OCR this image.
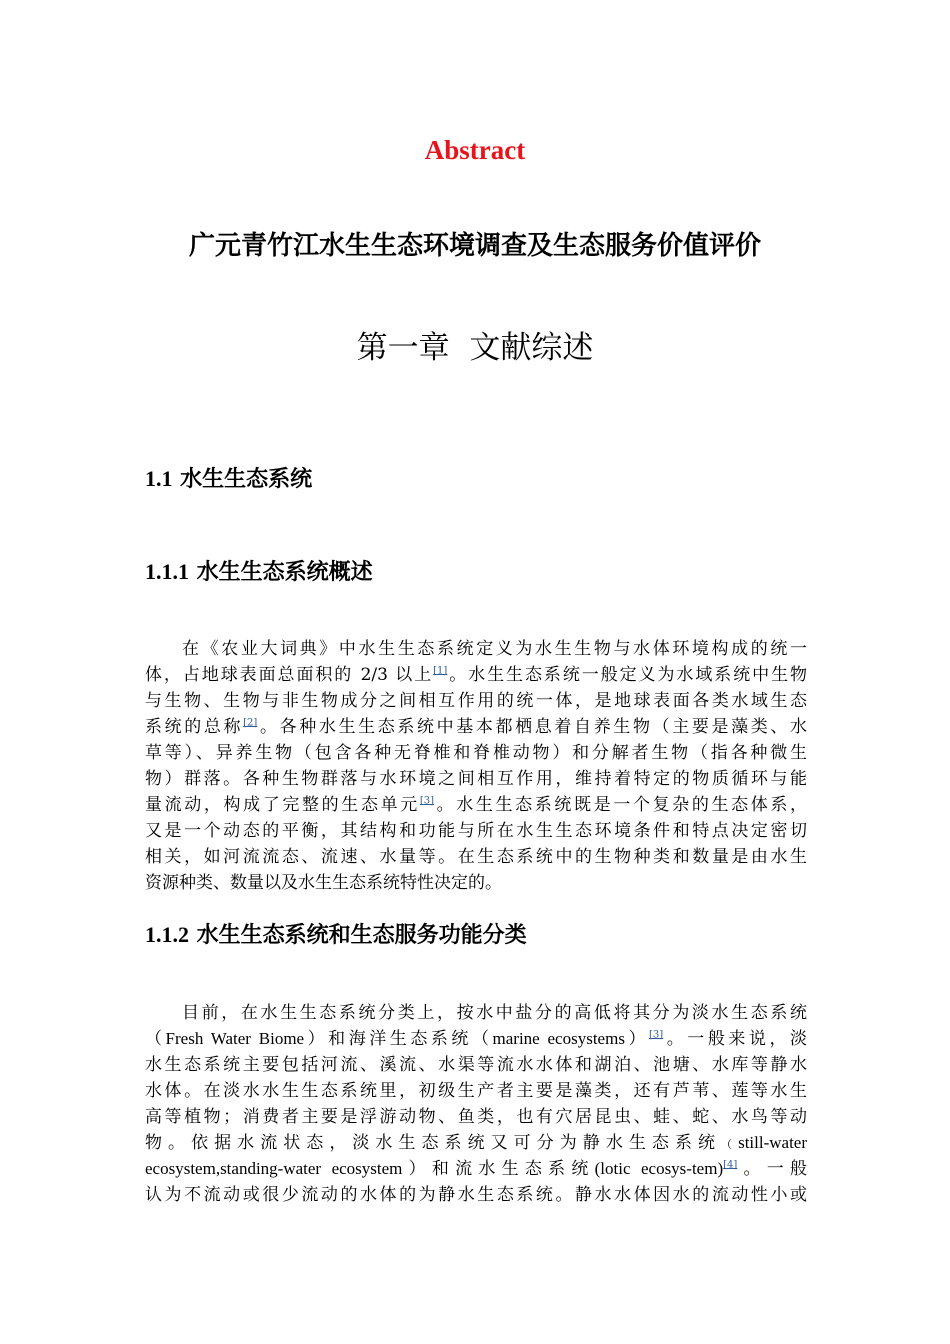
Abstract
广元青竹江水生生态环境调查及生态服务价值评价
第一章  文献综述
1.1 水生生态系统
1.1.1 水生生态系统概述
在《农业大词典》中水生生态系统定义为水生生物与水体环境构成的统一
体，占地球表面总面积的 2/3 以上[1]。水生生态系统一般定义为水域系统中生物
与生物、生物与非生物成分之间相互作用的统一体，是地球表面各类水域生态
系统的总称[2]。各种水生生态系统中基本都栖息着自养生物（主要是藻类、水
草等）、异养生物（包含各种无脊椎和脊椎动物）和分解者生物（指各种微生
物）群落。各种生物群落与水环境之间相互作用，维持着特定的物质循环与能
量流动，构成了完整的生态单元[3]。水生生态系统既是一个复杂的生态体系，
又是一个动态的平衡，其结构和功能与所在水生生态环境条件和特点决定密切
相关，如河流流态、流速、水量等。在生态系统中的生物种类和数量是由水生
资源种类、数量以及水生生态系统特性决定的。
1.1.2 水生生态系统和生态服务功能分类
目前，在水生生态系统分类上，按水中盐分的高低将其分为淡水生态系统
（Fresh Water Biome）和海洋生态系统（marine ecosystems）[3]。一般来说，淡
水生态系统主要包括河流、溪流、水渠等流水水体和湖泊、池塘、水库等静水
水体。在淡水水生生态系统里，初级生产者主要是藻类，还有芦苇、莲等水生
高等植物；消费者主要是浮游动物、鱼类，也有穴居昆虫、蛙、蛇、水鸟等动
物。依据水流状态，淡水生态系统又可分为静水生态系统（still-water
ecosystem,standing-water ecosystem）和流水生态系统(lotic ecosys-tem)[4]。一般
认为不流动或很少流动的水体的为静水生态系统。静水水体因水的流动性小或
